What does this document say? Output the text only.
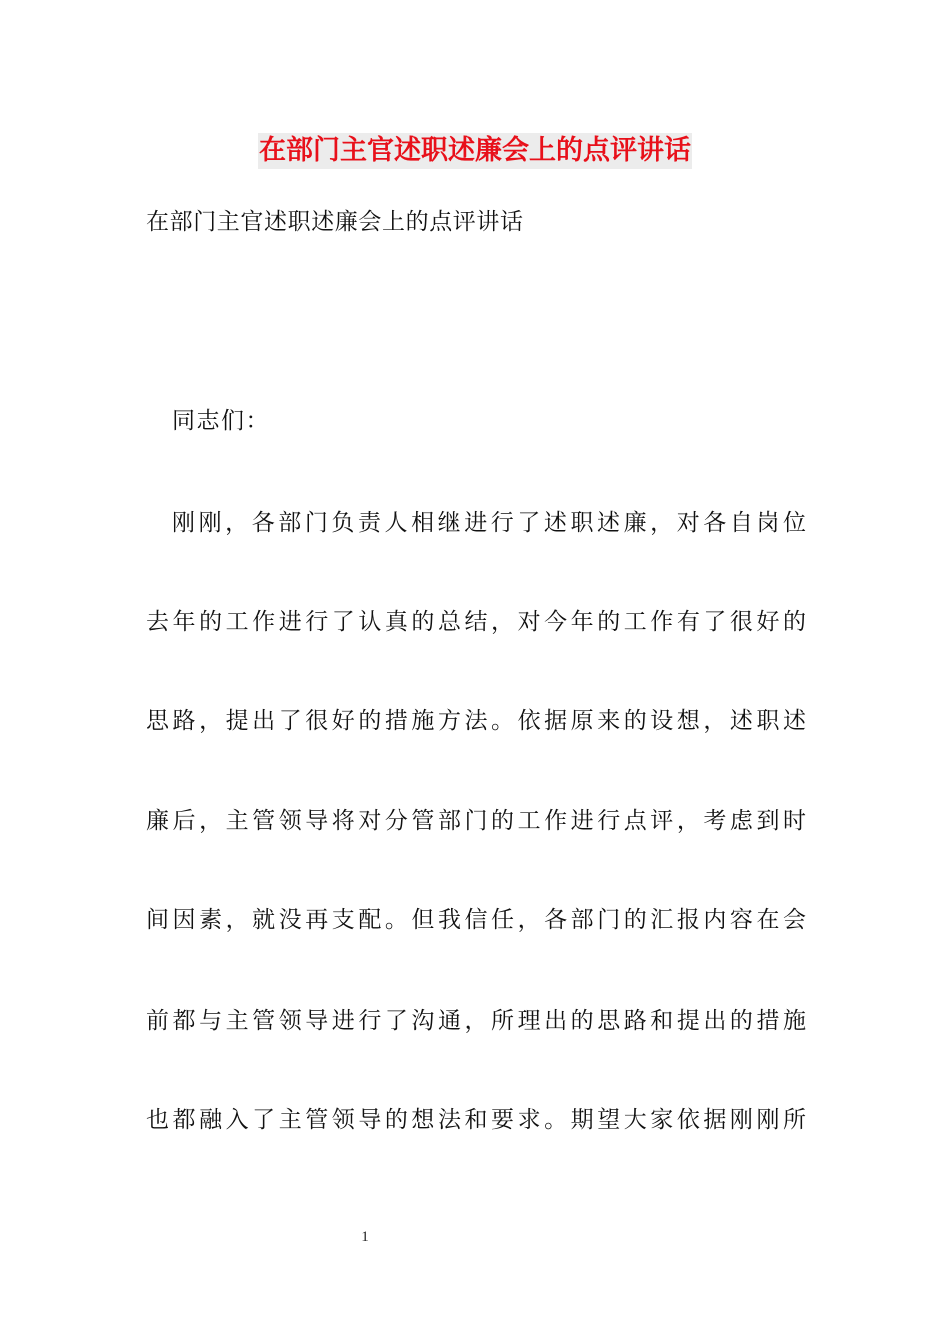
在部门主官述职述廉会上的点评讲话
在部门主官述职述廉会上的点评讲话
同志们：
刚刚，各部门负责人相继进行了述职述廉，对各自岗位
去年的工作进行了认真的总结，对今年的工作有了很好的
思路，提出了很好的措施方法。依据原来的设想，述职述
廉后，主管领导将对分管部门的工作进行点评，考虑到时
间因素，就没再支配。但我信任，各部门的汇报内容在会
前都与主管领导进行了沟通，所理出的思路和提出的措施
也都融入了主管领导的想法和要求。期望大家依据刚刚所
1
